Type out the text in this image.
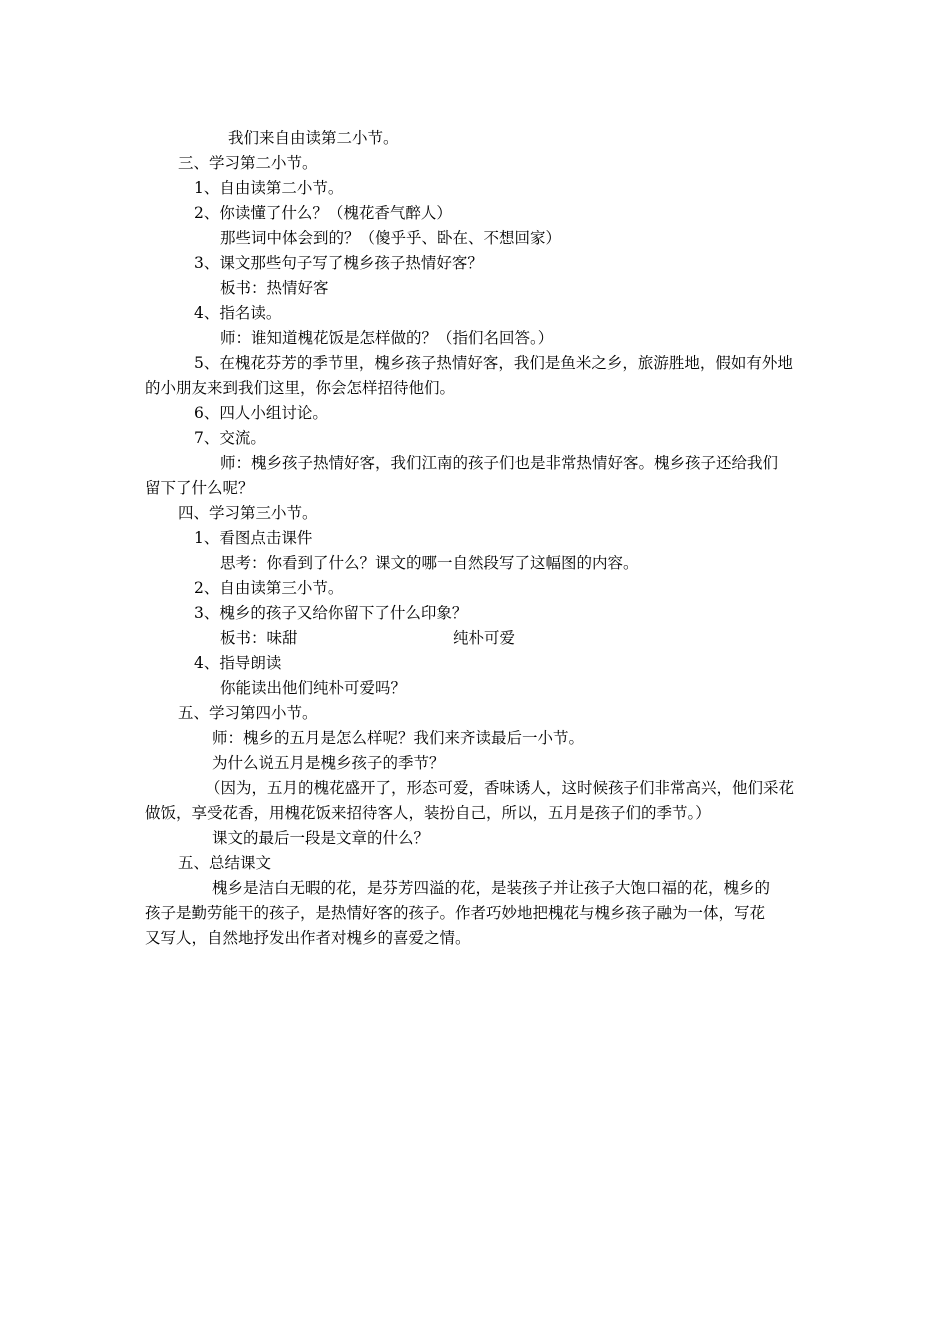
我们来自由读第二小节。

三、学习第二小节。

1、自由读第二小节。

2、你读懂了什么？（槐花香气醉人）

那些词中体会到的？（傻乎乎、卧在、不想回家）

3、课文那些句子写了槐乡孩子热情好客？

板书：热情好客

4、指名读。

师：谁知道槐花饭是怎样做的？（指们名回答。）

5、在槐花芬芳的季节里，槐乡孩子热情好客，我们是鱼米之乡，旅游胜地，假如有外地

的小朋友来到我们这里，你会怎样招待他们。

6、四人小组讨论。

7、交流。

师：槐乡孩子热情好客，我们江南的孩子们也是非常热情好客。槐乡孩子还给我们

留下了什么呢？

四、学习第三小节。

1、看图点击课件

思考：你看到了什么？课文的哪一自然段写了这幅图的内容。

2、自由读第三小节。

3、槐乡的孩子又给你留下了什么印象？

板书：味甜	纯朴可爱

4、指导朗读

你能读出他们纯朴可爱吗？

五、学习第四小节。

师：槐乡的五月是怎么样呢？我们来齐读最后一小节。

为什么说五月是槐乡孩子的季节？

（因为，五月的槐花盛开了，形态可爱，香味诱人，这时候孩子们非常高兴，他们采花

做饭，享受花香，用槐花饭来招待客人，装扮自己，所以，五月是孩子们的季节。）

课文的最后一段是文章的什么？

五、总结课文

槐乡是洁白无暇的花，是芬芳四溢的花，是装孩子并让孩子大饱口福的花，槐乡的

孩子是勤劳能干的孩子，是热情好客的孩子。作者巧妙地把槐花与槐乡孩子融为一体，写花

又写人，自然地抒发出作者对槐乡的喜爱之情。
